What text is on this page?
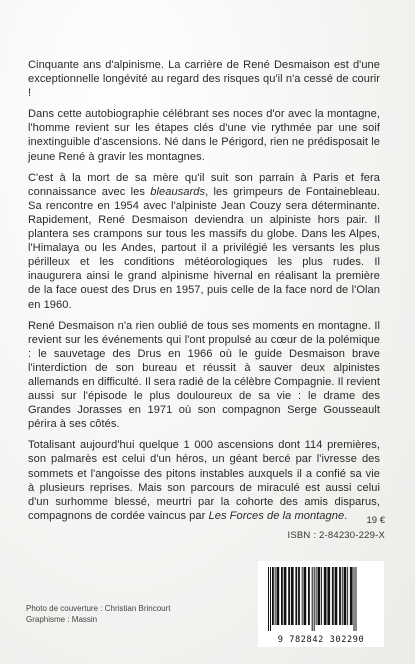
Cinquante ans d'alpinisme. La carrière de René Desmaison est d'une exceptionnelle longévité au regard des risques qu'il n'a cessé de courir !

Dans cette autobiographie célébrant ses noces d'or avec la montagne, l'homme revient sur les étapes clés d'une vie rythmée par une soif inextinguible d'ascensions. Né dans le Périgord, rien ne prédisposait le jeune René à gravir les montagnes.

C'est à la mort de sa mère qu'il suit son parrain à Paris et fera connaissance avec les bleausards, les grimpeurs de Fontainebleau. Sa rencontre en 1954 avec l'alpiniste Jean Couzy sera déterminante. Rapidement, René Desmaison deviendra un alpiniste hors pair. Il plantera ses crampons sur tous les massifs du globe. Dans les Alpes, l'Himalaya ou les Andes, partout il a privilégié les versants les plus périlleux et les conditions météorologiques les plus rudes. Il inaugurera ainsi le grand alpinisme hivernal en réalisant la première de la face ouest des Drus en 1957, puis celle de la face nord de l'Olan en 1960.

René Desmaison n'a rien oublié de tous ses moments en montagne. Il revient sur les événements qui l'ont propulsé au cœur de la polémique : le sauvetage des Drus en 1966 où le guide Desmaison brave l'interdiction de son bureau et réussit à sauver deux alpinistes allemands en difficulté. Il sera radié de la célèbre Compagnie. Il revient aussi sur l'épisode le plus douloureux de sa vie : le drame des Grandes Jorasses en 1971 où son compagnon Serge Gousseault périra à ses côtés.

Totalisant aujourd'hui quelque 1 000 ascensions dont 114 premières, son palmarès est celui d'un héros, un géant bercé par l'ivresse des sommets et l'angoisse des pitons instables auxquels il a confié sa vie à plusieurs reprises. Mais son parcours de miraculé est aussi celui d'un surhomme blessé, meurtri par la cohorte des amis disparus, compagnons de cordée vaincus par Les Forces de la montagne.	19 €
ISBN : 2-84230-229-X
Photo de couverture : Christian Brincourt
Graphisme : Massin
9 782842 302290
